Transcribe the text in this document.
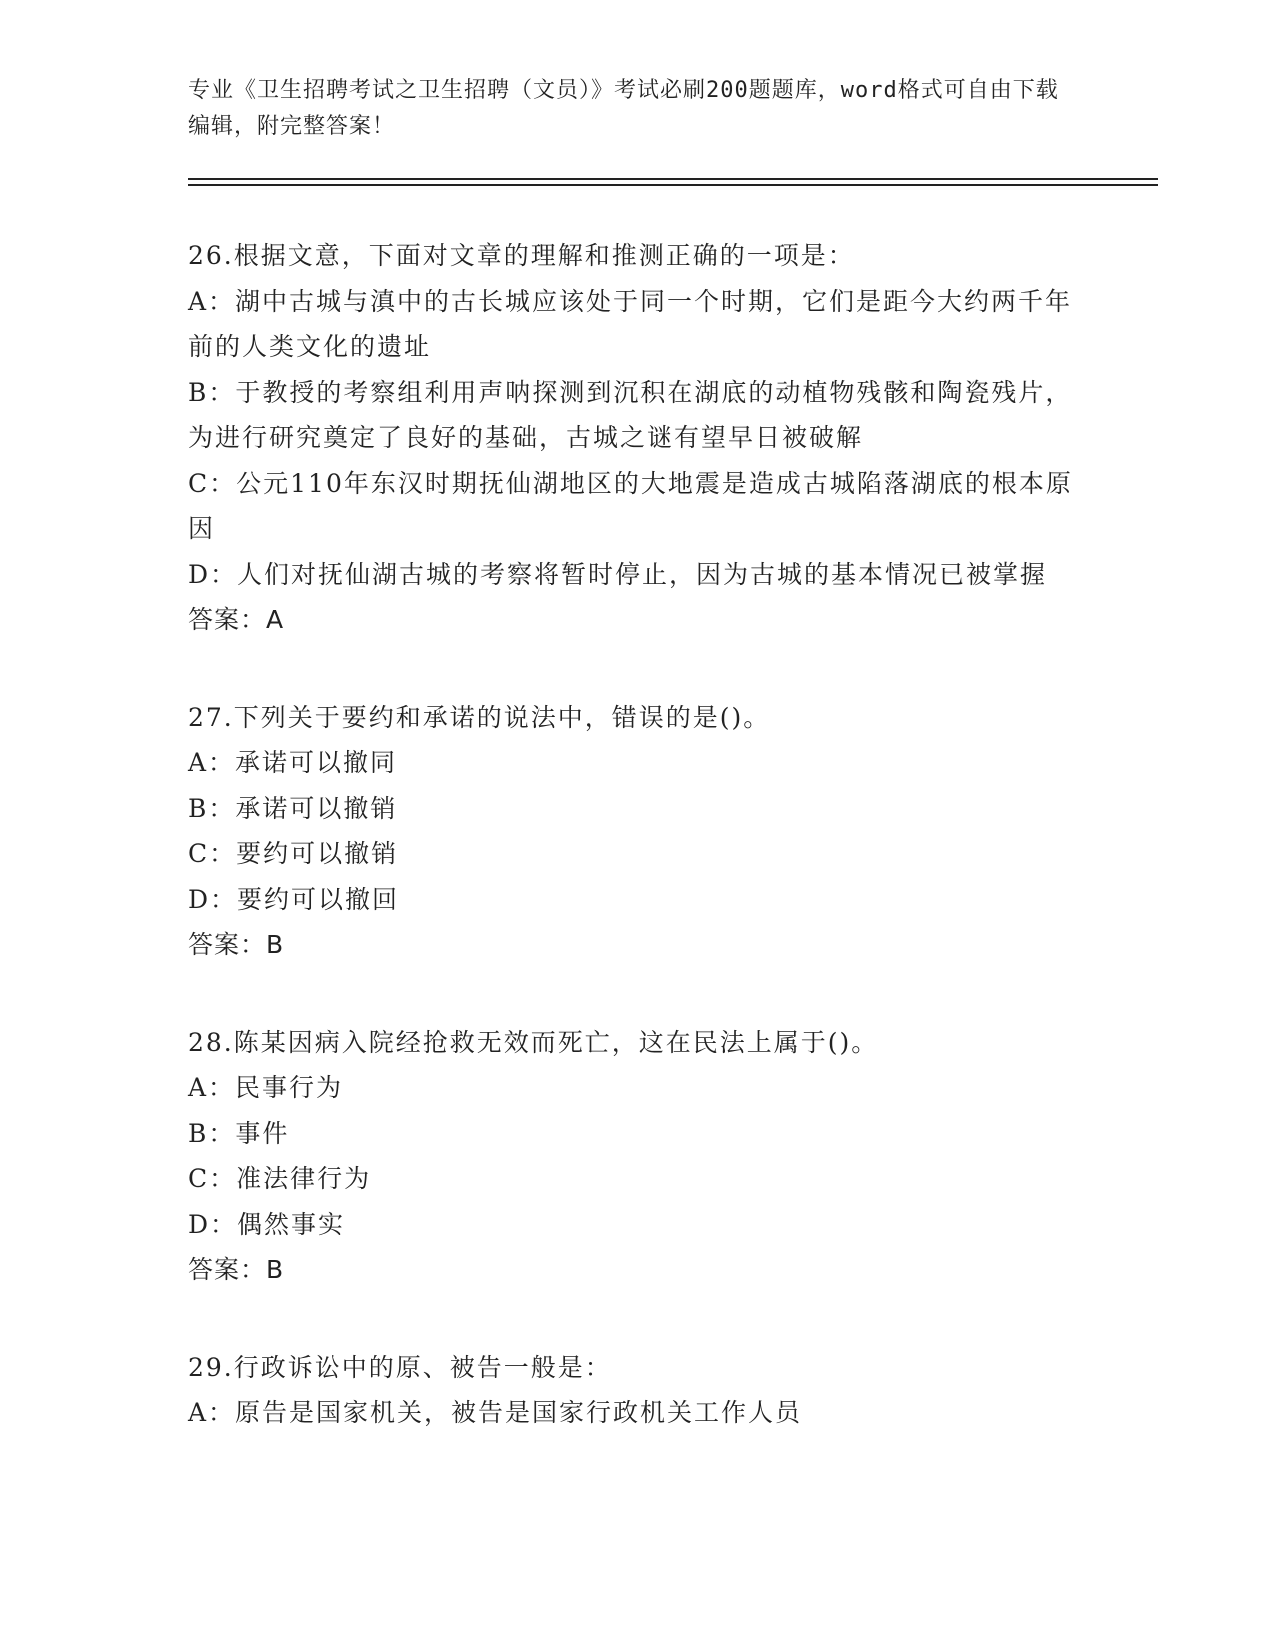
专业《卫生招聘考试之卫生招聘（文员）》考试必刷200题题库，word格式可自由下载编辑，附完整答案！
26.根据文意，下面对文章的理解和推测正确的一项是：
A：湖中古城与滇中的古长城应该处于同一个时期，它们是距今大约两千年前的人类文化的遗址
B：于教授的考察组利用声呐探测到沉积在湖底的动植物残骸和陶瓷残片，为进行研究奠定了良好的基础，古城之谜有望早日被破解
C：公元110年东汉时期抚仙湖地区的大地震是造成古城陷落湖底的根本原因
D：人们对抚仙湖古城的考察将暂时停止，因为古城的基本情况已被掌握
答案：A
27.下列关于要约和承诺的说法中，错误的是()。
A：承诺可以撤同
B：承诺可以撤销
C：要约可以撤销
D：要约可以撤回
答案：B
28.陈某因病入院经抢救无效而死亡，这在民法上属于()。
A：民事行为
B：事件
C：准法律行为
D：偶然事实
答案：B
29.行政诉讼中的原、被告一般是：
A：原告是国家机关，被告是国家行政机关工作人员
